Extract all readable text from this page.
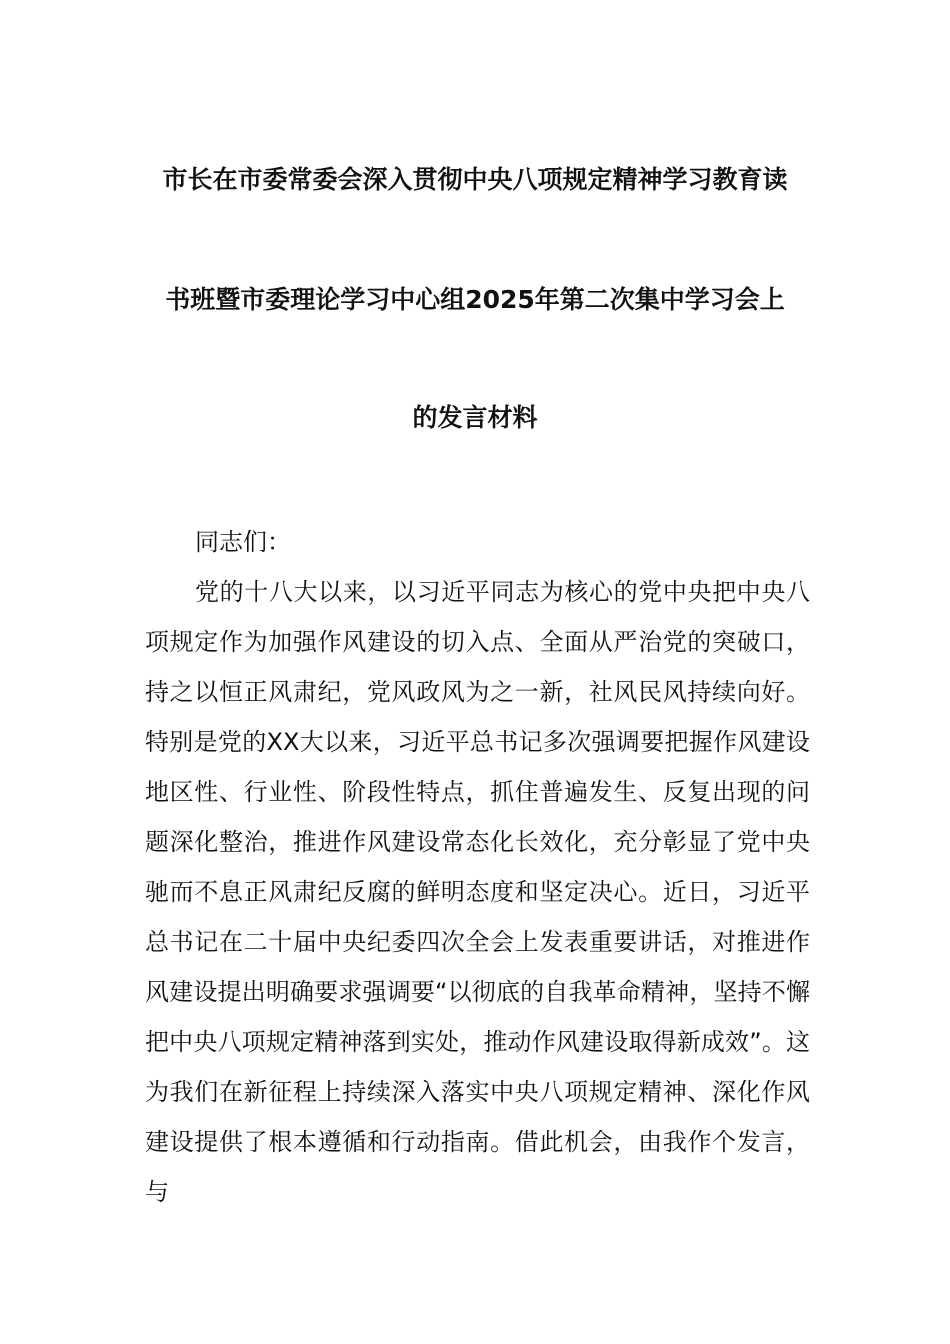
市长在市委常委会深入贯彻中央八项规定精神学习教育读
书班暨市委理论学习中心组2025年第二次集中学习会上
的发言材料
同志们：
党的十八大以来，以习近平同志为核心的党中央把中央八项规定作为加强作风建设的切入点、全面从严治党的突破口，持之以恒正风肃纪，党风政风为之一新，社风民风持续向好。特别是党的XX大以来，习近平总书记多次强调要把握作风建设地区性、行业性、阶段性特点，抓住普遍发生、反复出现的问题深化整治，推进作风建设常态化长效化，充分彰显了党中央驰而不息正风肃纪反腐的鲜明态度和坚定决心。近日，习近平总书记在二十届中央纪委四次全会上发表重要讲话，对推进作风建设提出明确要求强调要“以彻底的自我革命精神，坚持不懈把中央八项规定精神落到实处，推动作风建设取得新成效”。这为我们在新征程上持续深入落实中央八项规定精神、深化作风建设提供了根本遵循和行动指南。借此机会，由我作个发言，与
